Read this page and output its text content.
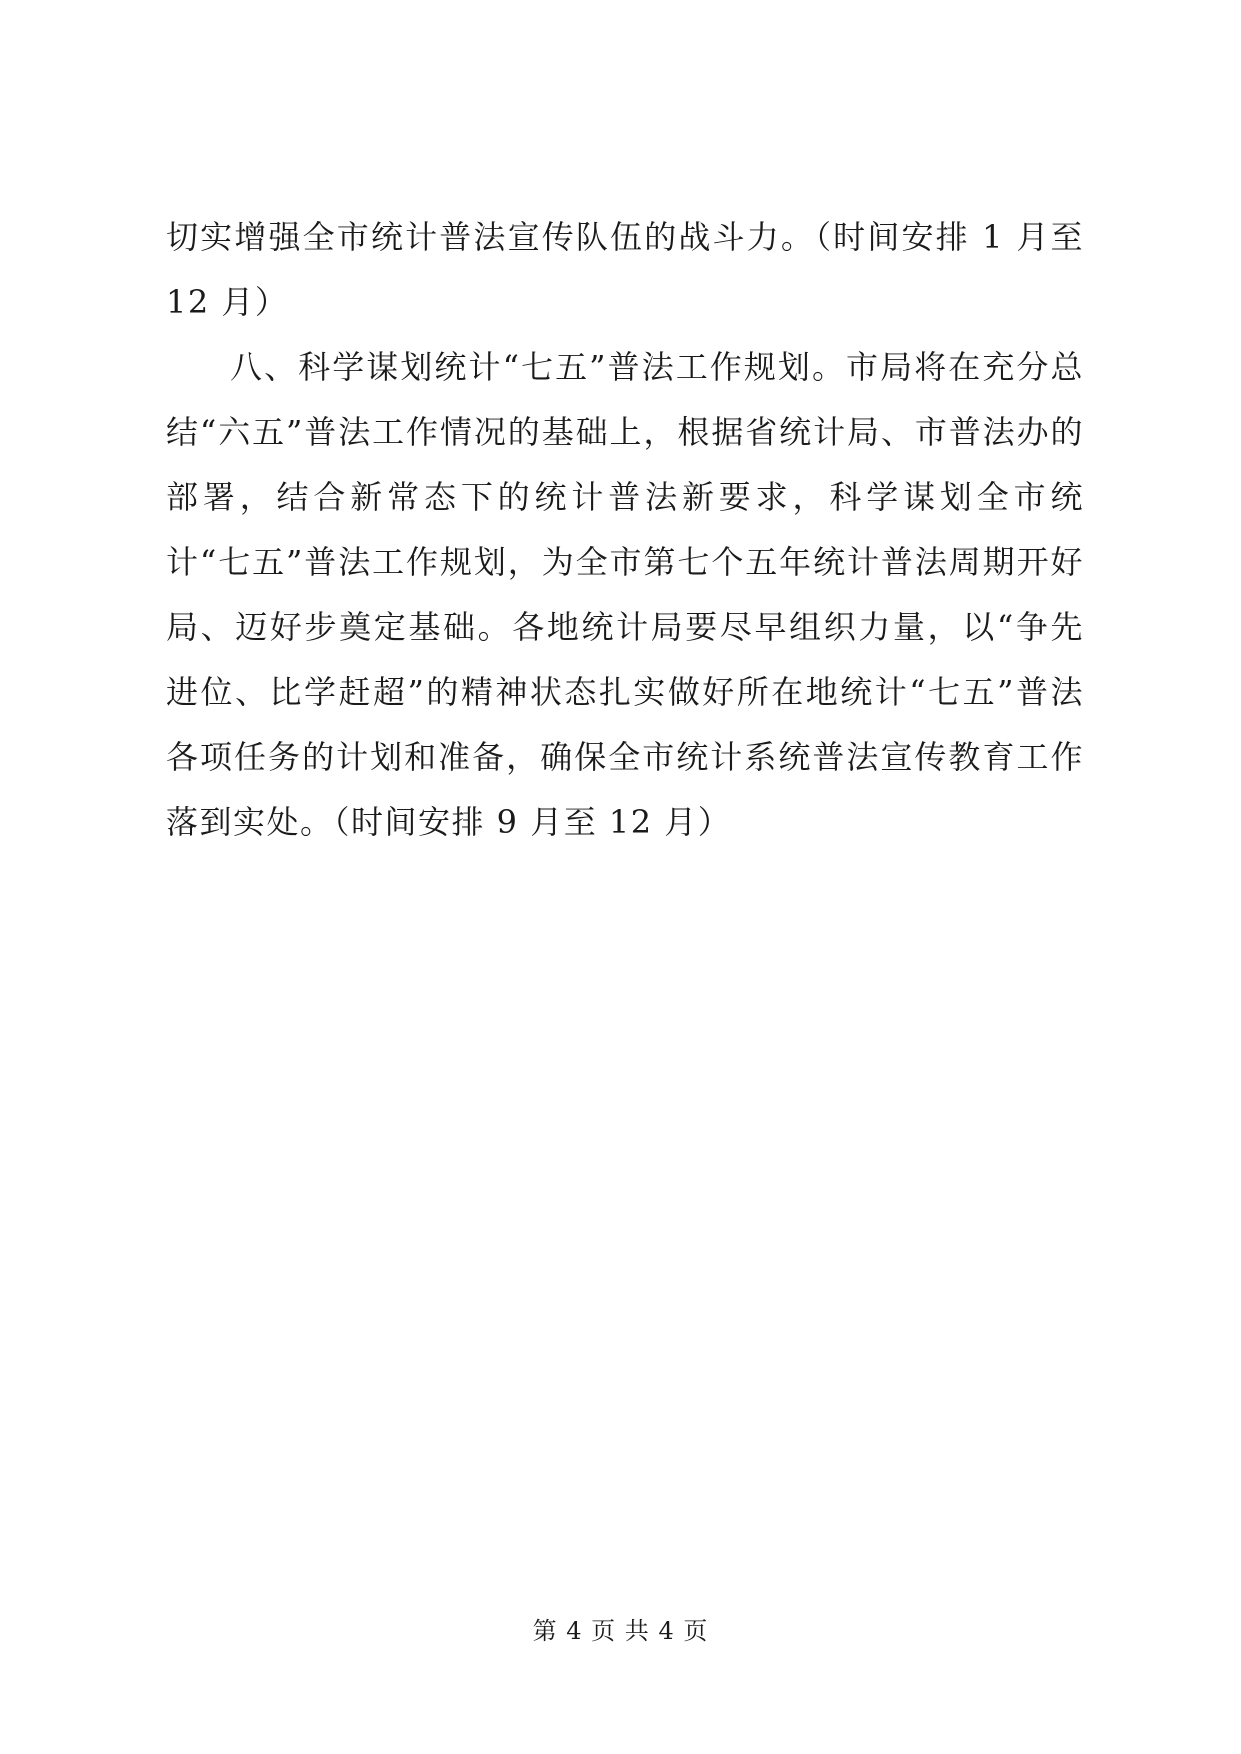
切实增强全市统计普法宣传队伍的战斗力。（时间安排 1 月至 12 月）

八、科学谋划统计“七五”普法工作规划。市局将在充分总结“六五”普法工作情况的基础上，根据省统计局、市普法办的部署，结合新常态下的统计普法新要求，科学谋划全市统计“七五”普法工作规划，为全市第七个五年统计普法周期开好局、迈好步奠定基础。各地统计局要尽早组织力量，以“争先进位、比学赶超”的精神状态扎实做好所在地统计“七五”普法各项任务的计划和准备，确保全市统计系统普法宣传教育工作落到实处。（时间安排 9 月至 12 月）

第 4 页 共 4 页
